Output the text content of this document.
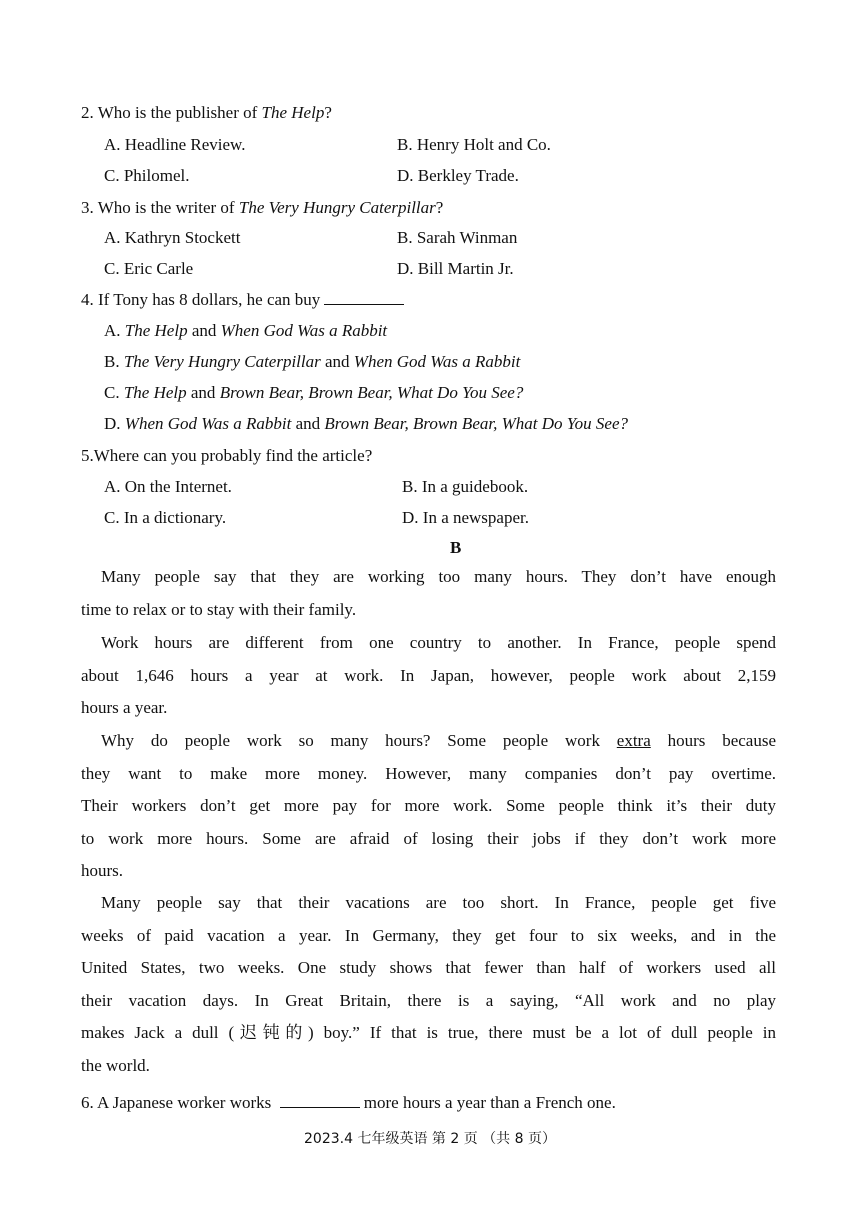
2. Who is the publisher of The Help?
A. Headline Review.	B. Henry Holt and Co.
C. Philomel.	D. Berkley Trade.
3. Who is the writer of The Very Hungry Caterpillar?
A. Kathryn Stockett	B. Sarah Winman
C. Eric Carle	D. Bill Martin Jr.
4. If Tony has 8 dollars, he can buy
A. The Help and When God Was a Rabbit
B. The Very Hungry Caterpillar and When God Was a Rabbit
C. The Help and Brown Bear, Brown Bear, What Do You See?
D. When God Was a Rabbit and Brown Bear, Brown Bear, What Do You See?
5.Where can you probably find the article?
A. On the Internet.	B. In a guidebook.
C. In a dictionary.	D. In a newspaper.
B
Many people say that they are working too many hours. They don’t have enough
time to relax or to stay with their family.
Work hours are different from one country to another. In France, people spend
about 1,646 hours a year at work. In Japan, however, people work about 2,159
hours a year.
Why do people work so many hours? Some people work extra hours because
they want to make more money. However, many companies don’t pay overtime.
Their workers don’t get more pay for more work. Some people think it’s their duty
to work more hours. Some are afraid of losing their jobs if they don’t work more
hours.
Many people say that their vacations are too short. In France, people get five
weeks of paid vacation a year. In Germany, they get four to six weeks, and in the
United States, two weeks. One study shows that fewer than half of workers used all
their vacation days. In Great Britain, there is a saying, “All work and no play
makes Jack a dull (迟钝的) boy.” If that is true, there must be a lot of dull people in
the world.
6. A Japanese worker works	more hours a year than a French one.
2023.4 七年级英语 第 2 页 （共 8 页）
